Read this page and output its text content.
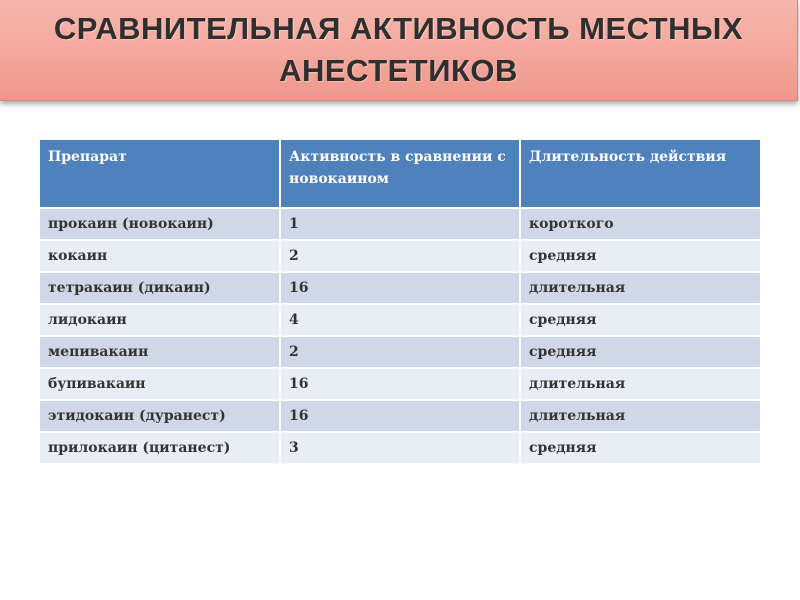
СРАВНИТЕЛЬНАЯ АКТИВНОСТЬ МЕСТНЫХ АНЕСТЕТИКОВ
Препарат	Активность в сравнении с новокаином	Длительность действия
прокаин (новокаин)	1	короткого
кокаин	2	средняя
тетракаин (дикаин)	16	длительная
лидокаин	4	средняя
мепивакаин	2	средняя
бупивакаин	16	длительная
этидокаин (дуранест)	16	длительная
прилокаин (цитанест)	3	средняя
